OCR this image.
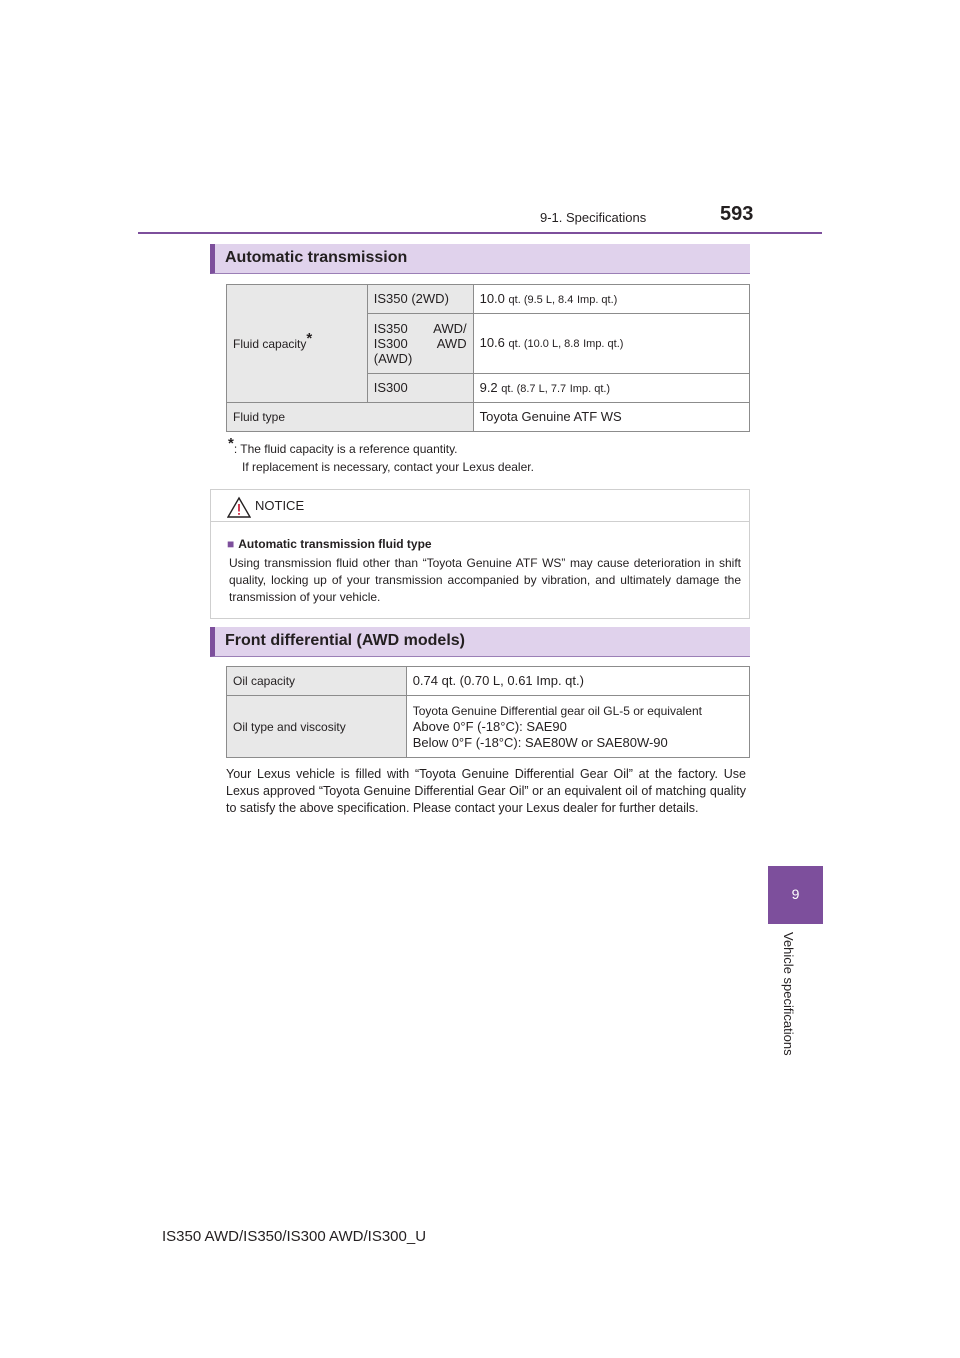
9-1. Specifications	593
9
Vehicle specifications
Automatic transmission
Fluid capacity*	IS350 (2WD)	10.0 qt. (9.5 L, 8.4 Imp. qt.)
	IS350 AWD/ IS300 AWD (AWD)	10.6 qt. (10.0 L, 8.8 Imp. qt.)
	IS300	9.2 qt. (8.7 L, 7.7 Imp. qt.)
Fluid type		Toyota Genuine ATF WS
*: The fluid capacity is a reference quantity.
If replacement is necessary, contact your Lexus dealer.
NOTICE
■ Automatic transmission fluid type
Using transmission fluid other than “Toyota Genuine ATF WS” may cause deterioration in shift quality, locking up of your transmission accompanied by vibration, and ultimately damage the transmission of your vehicle.
Front differential (AWD models)
Oil capacity	0.74 qt. (0.70 L, 0.61 Imp. qt.)
Oil type and viscosity	Toyota Genuine Differential gear oil GL-5 or equivalent
Above 0°F (-18°C): SAE90
Below 0°F (-18°C): SAE80W or SAE80W-90
Your Lexus vehicle is filled with “Toyota Genuine Differential Gear Oil” at the factory. Use Lexus approved “Toyota Genuine Differential Gear Oil” or an equivalent oil of matching quality to satisfy the above specification. Please contact your Lexus dealer for further details.
IS350 AWD/IS350/IS300 AWD/IS300_U
